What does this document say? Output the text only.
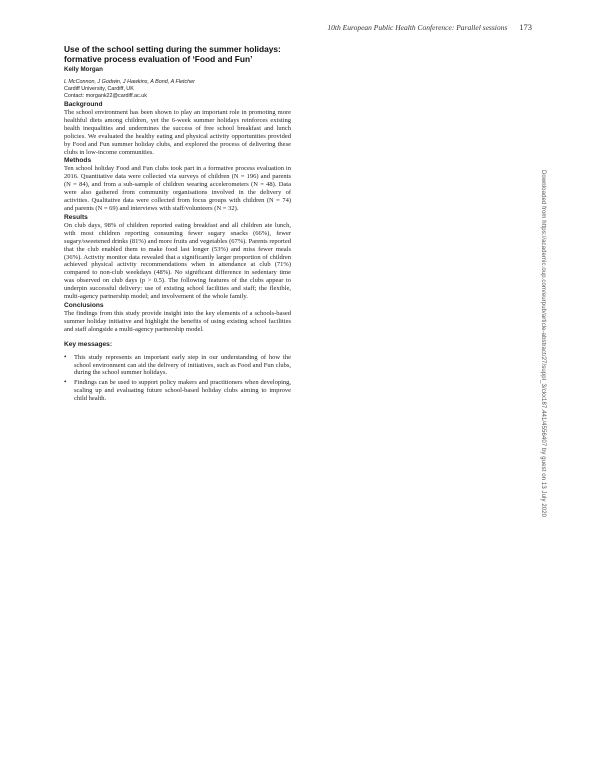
10th European Public Health Conference: Parallel sessions 173
Use of the school setting during the summer holidays: formative process evaluation of ‘Food and Fun’
Kelly Morgan
L McConnon, J Godwin, J Hawkins, A Bond, A Fletcher
Cardiff University, Cardiff, UK
Contact: morgank22@cardiff.ac.uk
Background

The school environment has been shown to play an important role in promoting more healthful diets among children, yet the 6-week summer holidays reinforces existing health inequalities and undermines the success of free school breakfast and lunch policies. We evaluated the healthy eating and physical activity opportunities provided by Food and Fun summer holiday clubs, and explored the process of delivering these clubs in low-income communities.

Methods

Ten school holiday Food and Fun clubs took part in a formative process evaluation in 2016. Quantitative data were collected via surveys of children (N = 196) and parents (N = 84), and from a sub-sample of children wearing accelerometers (N = 48). Data were also gathered from community organisations involved in the delivery of activities. Qualitative data were collected from focus groups with children (N = 74) and parents (N = 69) and interviews with staff/volunteers (N = 32).

Results

On club days, 98% of children reported eating breakfast and all children ate lunch, with most children reporting consuming fewer sugary snacks (66%), fewer sugary/sweetened drinks (81%) and more fruits and vegetables (67%). Parents reported that the club enabled them to make food last longer (53%) and miss fewer meals (36%). Activity monitor data revealed that a significantly larger proportion of children achieved physical activity recommendations when in attendance at club (71%) compared to non-club weekdays (48%). No significant difference in sedentary time was observed on club days (p > 0.5). The following features of the clubs appear to underpin successful delivery: use of existing school facilities and staff; the flexible, multi-agency partnership model; and involvement of the whole family.

Conclusions

The findings from this study provide insight into the key elements of a schools-based summer holiday initiative and highlight the benefits of using existing school facilities and staff alongside a multi-agency partnership model.

Key messages:
• This study represents an important early step in our understanding of how the school environment can aid the delivery of initiatives, such as Food and Fun clubs, during the school summer holidays.
• Findings can be used to support policy makers and practitioners when developing, scaling up and evaluating future school-based holiday clubs aiming to improve child health.	Downloaded from https://academic.oup.com/eurpub/article-abstract/27/suppl_3/ckx187.441/4556407 by guest on 13 July 2020
